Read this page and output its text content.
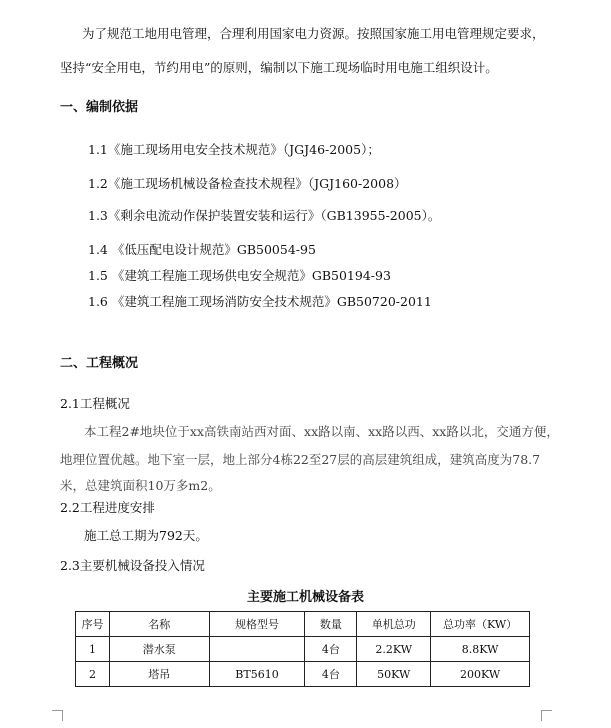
为了规范工地用电管理，合理利用国家电力资源。按照国家施工用电管理规定要求，
坚持“安全用电，节约用电”的原则，编制以下施工现场临时用电施工组织设计。
一、编制依据
1.1《施工现场用电安全技术规范》（JGJ46-2005）；
1.2《施工现场机械设备检查技术规程》（JGJ160-2008）
1.3《剩余电流动作保护装置安装和运行》（GB13955-2005）。
1.4 《低压配电设计规范》GB50054-95
1.5 《建筑工程施工现场供电安全规范》GB50194-93
1.6 《建筑工程施工现场消防安全技术规范》GB50720-2011
二、工程概况
2.1工程概况
本工程2#地块位于xx高铁南站西对面、xx路以南、xx路以西、xx路以北，交通方便，
地理位置优越。地下室一层，地上部分4栋22至27层的高层建筑组成，建筑高度为78.7
米，总建筑面积10万多m2。
2.2工程进度安排
施工总工期为792天。
2.3主要机械设备投入情况
主要施工机械设备表
序号	名称	规格型号	数量	单机总功	总功率（KW）
1	潜水泵		4台	2.2KW	8.8KW
2	塔吊	BT5610	4台	50KW	200KW
